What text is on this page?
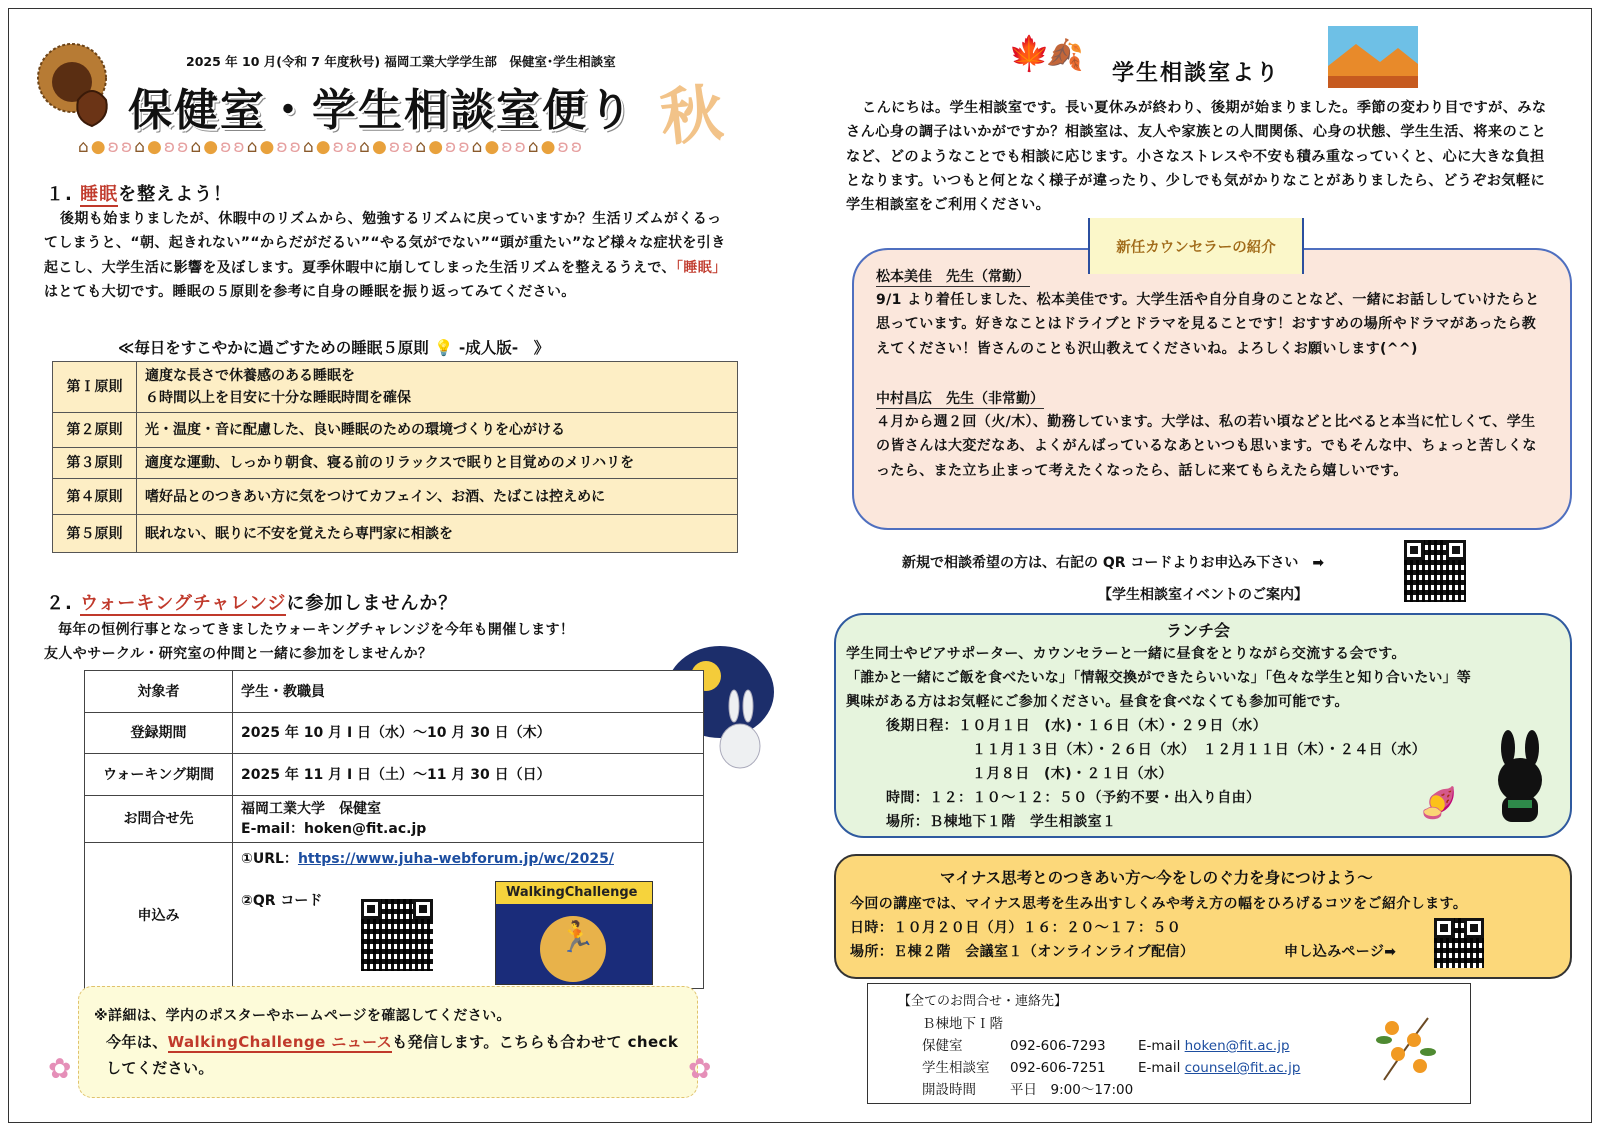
2025 年 10 月(令和 7 年度秋号) 福岡工業大学学生部　保健室･学生相談室
保健室・学生相談室便り 秋
⌂ ● ʚ ʚ ⌂ ● ʚ ʚ ⌂ ● ʚ ʚ ⌂ ● ʚ ʚ ⌂ ● ʚ ʚ ⌂ ● ʚ ʚ ⌂ ● ʚ ʚ ⌂ ● ʚ ʚ ⌂ ● ʚ ʚ
１. 睡眠を整えよう！

後期も始まりましたが、休暇中のリズムから、勉強するリズムに戻っていますか？生活リズムがくるってしまうと、“朝、起きれない”“からだがだるい”“やる気がでない”“頭が重たい”など様々な症状を引き起こし、大学生活に影響を及ぼします。夏季休暇中に崩してしまった生活リズムを整えるうえで、「睡眠」はとても大切です。睡眠の５原則を参考に自身の睡眠を振り返ってみてください。

≪毎日をすこやかに過ごすための睡眠５原則 💡 -成人版-　》
第Ｉ原則	適度な長さで休養感のある睡眠を
６時間以上を目安に十分な睡眠時間を確保
第２原則	光・温度・音に配慮した、良い睡眠のための環境づくりを心がける
第３原則	適度な運動、しっかり朝食、寝る前のリラックスで眠りと目覚めのメリハリを
第４原則	嗜好品とのつきあい方に気をつけてカフェイン、お酒、たばこは控えめに
第５原則	眠れない、眠りに不安を覚えたら専門家に相談を
２. ウォーキングチャレンジに参加しませんか？

毎年の恒例行事となってきましたウォーキングチャレンジを今年も開催します！

友人やサークル・研究室の仲間と一緒に参加をしませんか？

対象者	学生・教職員
登録期間	2025 年 10 月 I 日（水）～10 月 30 日（木）
ウォーキング期間	2025 年 11 月 I 日（土）～11 月 30 日（日）
お問合せ先	福岡工業大学　保健室
E-mail：hoken@fit.ac.jp
申込み	①URL：https://www.juha-webforum.jp/wc/2025/
②QR コード
WalkingChallenge
🏃

※詳細は、学内のポスターやホームページを確認してください。

今年は、WalkingChallenge ニュースも発信します。こちらも合わせて check

してください。

✿	✿
🍁
🍂
学生相談室より

こんにちは。学生相談室です。長い夏休みが終わり、後期が始まりました。季節の変わり目ですが、みなさん心身の調子はいかがですか？相談室は、友人や家族との人間関係、心身の状態、学生生活、将来のことなど、どのようなことでも相談に応じます。小さなストレスや不安も積み重なっていくと、心に大きな負担となります。いつもと何となく様子が違ったり、少しでも気がかりなことがありましたら、どうぞお気軽に学生相談室をご利用ください。

新任カウンセラーの紹介
松本美佳　先生（常勤）

9/1 より着任しました、松本美佳です。大学生活や自分自身のことなど、一緒にお話ししていけたらと思っています。好きなことはドライブとドラマを見ることです！おすすめの場所やドラマがあったら教えてください！皆さんのことも沢山教えてくださいね。よろしくお願いします(^^)

中村昌広　先生（非常勤）

４月から週２回（火/木）、勤務しています。大学は、私の若い頃などと比べると本当に忙しくて、学生の皆さんは大変だなあ、よくがんばっているなあといつも思います。でもそんな中、ちょっと苦しくなったら、また立ち止まって考えたくなったら、話しに来てもらえたら嬉しいです。

新規で相談希望の方は、右記の QR コードよりお申込み下さい　➡
【学生相談室イベントのご案内】
ランチ会

学生同士やピアサポーター、カウンセラーと一緒に昼食をとりながら交流する会です。

「誰かと一緒にご飯を食べたいな」「情報交換ができたらいいな」「色々な学生と知り合いたい」等

興味がある方はお気軽にご参加ください。昼食を食べなくても参加可能です。

後期日程：１０月１日　(水)・１６日（木）・２９日（水）

１１月１３日（木）・２６日（水）　１２月１１日（木）・２４日（水）

１月８日　(木)・２１日（水）

時間：１２：１０～１２：５０（予約不要・出入り自由）

場所：Ｂ棟地下１階　学生相談室１

🍠
マイナス思考とのつきあい方～今をしのぐ力を身につけよう～

今回の講座では、マイナス思考を生み出すしくみや考え方の幅をひろげるコツをご紹介します。

日時：１０月２０日（月）１６：２０～１７：５０

場所：Ｅ棟２階　会議室１（オンラインライブ配信）	申し込みページ➡

【全てのお問合せ・連絡先】
Ｂ棟地下Ｉ階
保健室	092-606-7293 E-mail hoken@fit.ac.jp
学生相談室 092-606-7251 E-mail counsel@fit.ac.jp
開設時間	平日　9:00～17:00
